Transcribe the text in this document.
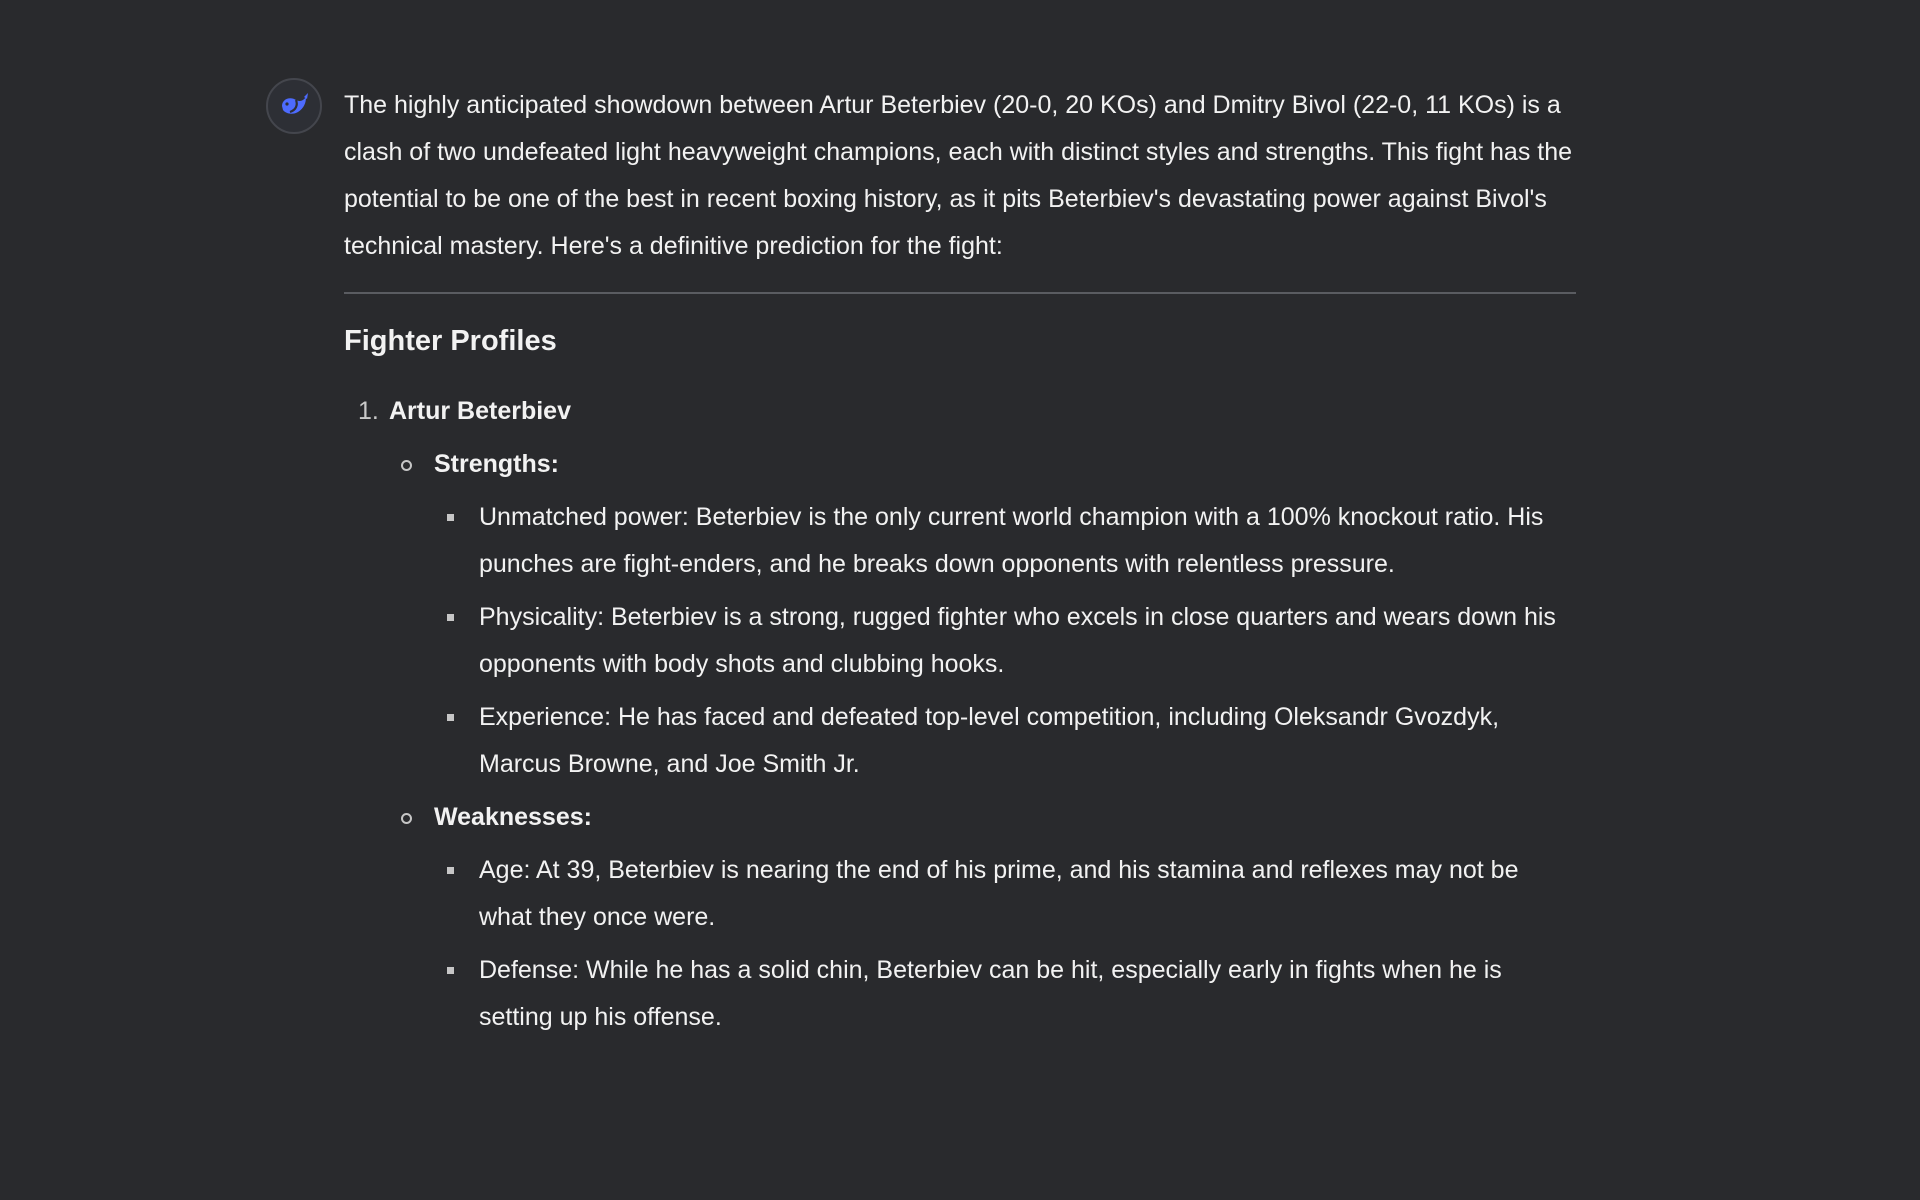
The highly anticipated showdown between Artur Beterbiev (20-0, 20 KOs) and Dmitry Bivol (22-0, 11 KOs) is a clash of two undefeated light heavyweight champions, each with distinct styles and strengths. This fight has the potential to be one of the best in recent boxing history, as it pits Beterbiev's devastating power against Bivol's technical mastery. Here's a definitive prediction for the fight:

Fighter Profiles
1. Artur Beterbiev
Strengths:
Unmatched power: Beterbiev is the only current world champion with a 100% knockout ratio. His punches are fight-enders, and he breaks down opponents with relentless pressure.
Physicality: Beterbiev is a strong, rugged fighter who excels in close quarters and wears down his opponents with body shots and clubbing hooks.
Experience: He has faced and defeated top-level competition, including Oleksandr Gvozdyk, Marcus Browne, and Joe Smith Jr.
Weaknesses:
Age: At 39, Beterbiev is nearing the end of his prime, and his stamina and reflexes may not be what they once were.
Defense: While he has a solid chin, Beterbiev can be hit, especially early in fights when he is setting up his offense.
